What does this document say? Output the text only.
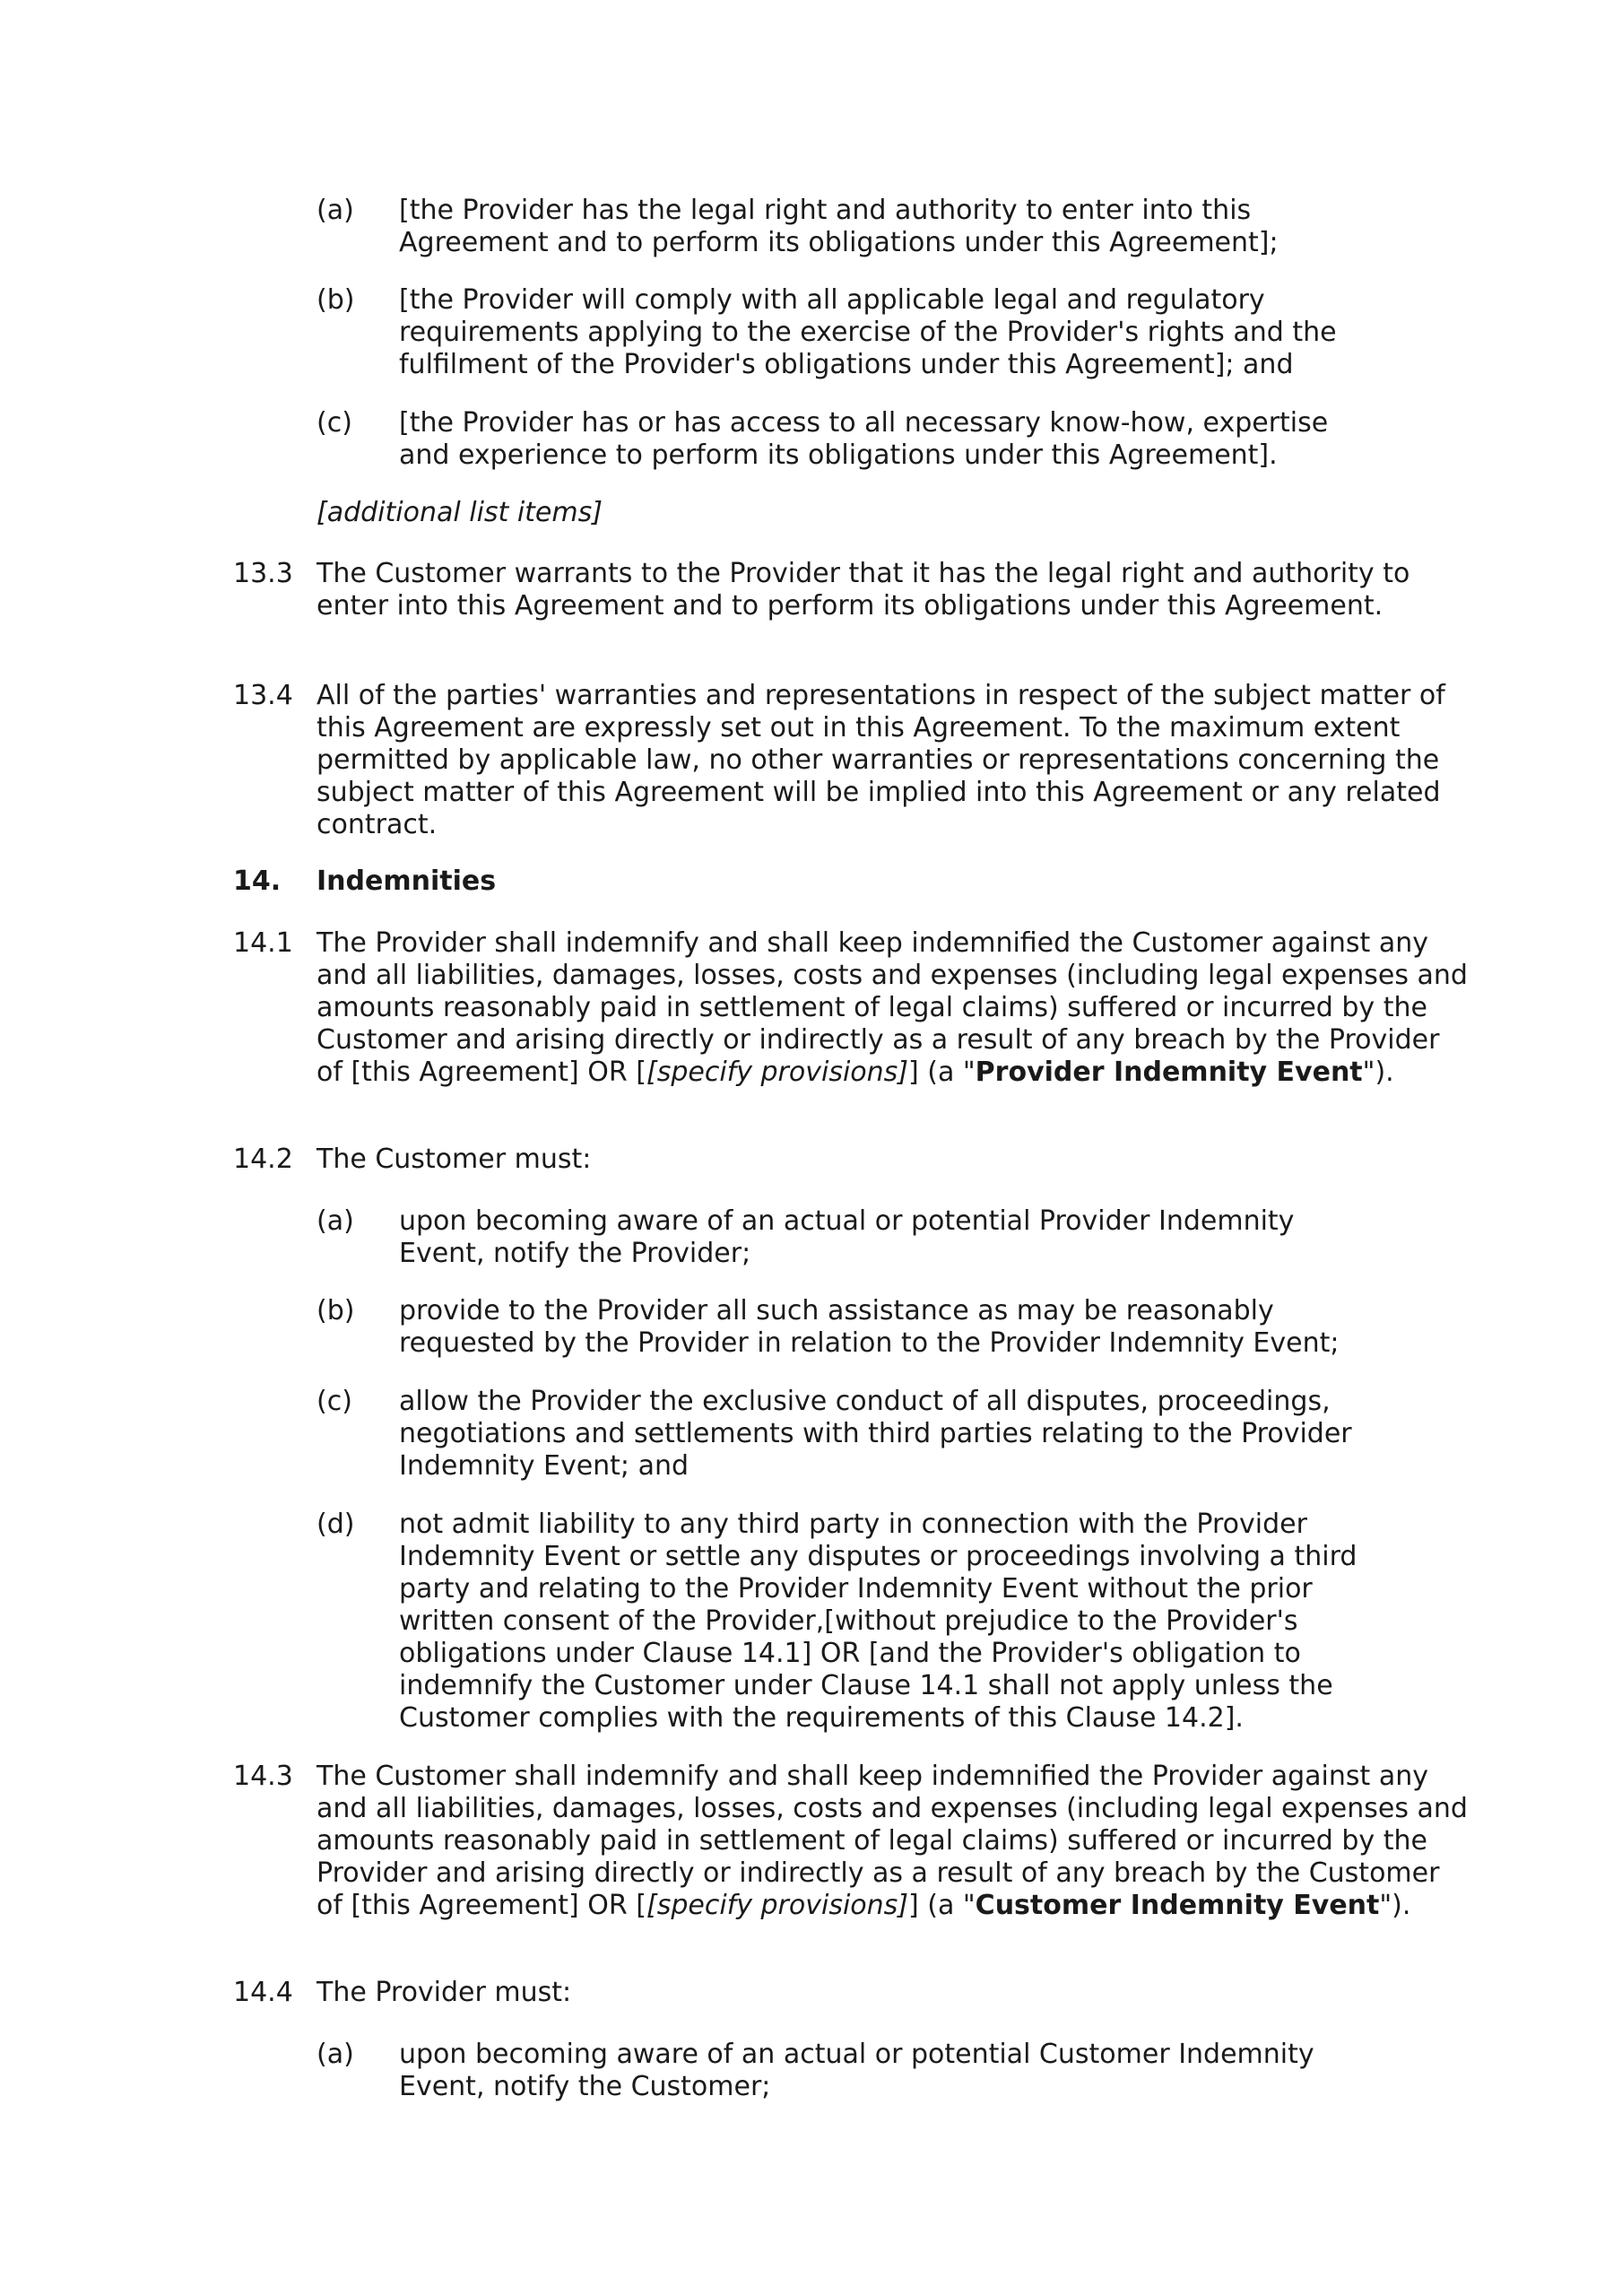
(a) [the Provider has the legal right and authority to enter into this Agreement and to perform its obligations under this Agreement];
(b) [the Provider will comply with all applicable legal and regulatory requirements applying to the exercise of the Provider's rights and the fulfilment of the Provider's obligations under this Agreement]; and
(c) [the Provider has or has access to all necessary know-how, expertise and experience to perform its obligations under this Agreement].
[additional list items]
13.3 The Customer warrants to the Provider that it has the legal right and authority to enter into this Agreement and to perform its obligations under this Agreement.
13.4 All of the parties' warranties and representations in respect of the subject matter of this Agreement are expressly set out in this Agreement. To the maximum extent permitted by applicable law, no other warranties or representations concerning the subject matter of this Agreement will be implied into this Agreement or any related contract.
14. Indemnities
14.1 The Provider shall indemnify and shall keep indemnified the Customer against any and all liabilities, damages, losses, costs and expenses (including legal expenses and amounts reasonably paid in settlement of legal claims) suffered or incurred by the Customer and arising directly or indirectly as a result of any breach by the Provider of [this Agreement] OR [[specify provisions]] (a "Provider Indemnity Event").
14.2 The Customer must:
(a) upon becoming aware of an actual or potential Provider Indemnity Event, notify the Provider;
(b) provide to the Provider all such assistance as may be reasonably requested by the Provider in relation to the Provider Indemnity Event;
(c) allow the Provider the exclusive conduct of all disputes, proceedings, negotiations and settlements with third parties relating to the Provider Indemnity Event; and
(d) not admit liability to any third party in connection with the Provider Indemnity Event or settle any disputes or proceedings involving a third party and relating to the Provider Indemnity Event without the prior written consent of the Provider,[without prejudice to the Provider's obligations under Clause 14.1] OR [and the Provider's obligation to indemnify the Customer under Clause 14.1 shall not apply unless the Customer complies with the requirements of this Clause 14.2].
14.3 The Customer shall indemnify and shall keep indemnified the Provider against any and all liabilities, damages, losses, costs and expenses (including legal expenses and amounts reasonably paid in settlement of legal claims) suffered or incurred by the Provider and arising directly or indirectly as a result of any breach by the Customer of [this Agreement] OR [[specify provisions]] (a "Customer Indemnity Event").
14.4 The Provider must:
(a) upon becoming aware of an actual or potential Customer Indemnity Event, notify the Customer;
